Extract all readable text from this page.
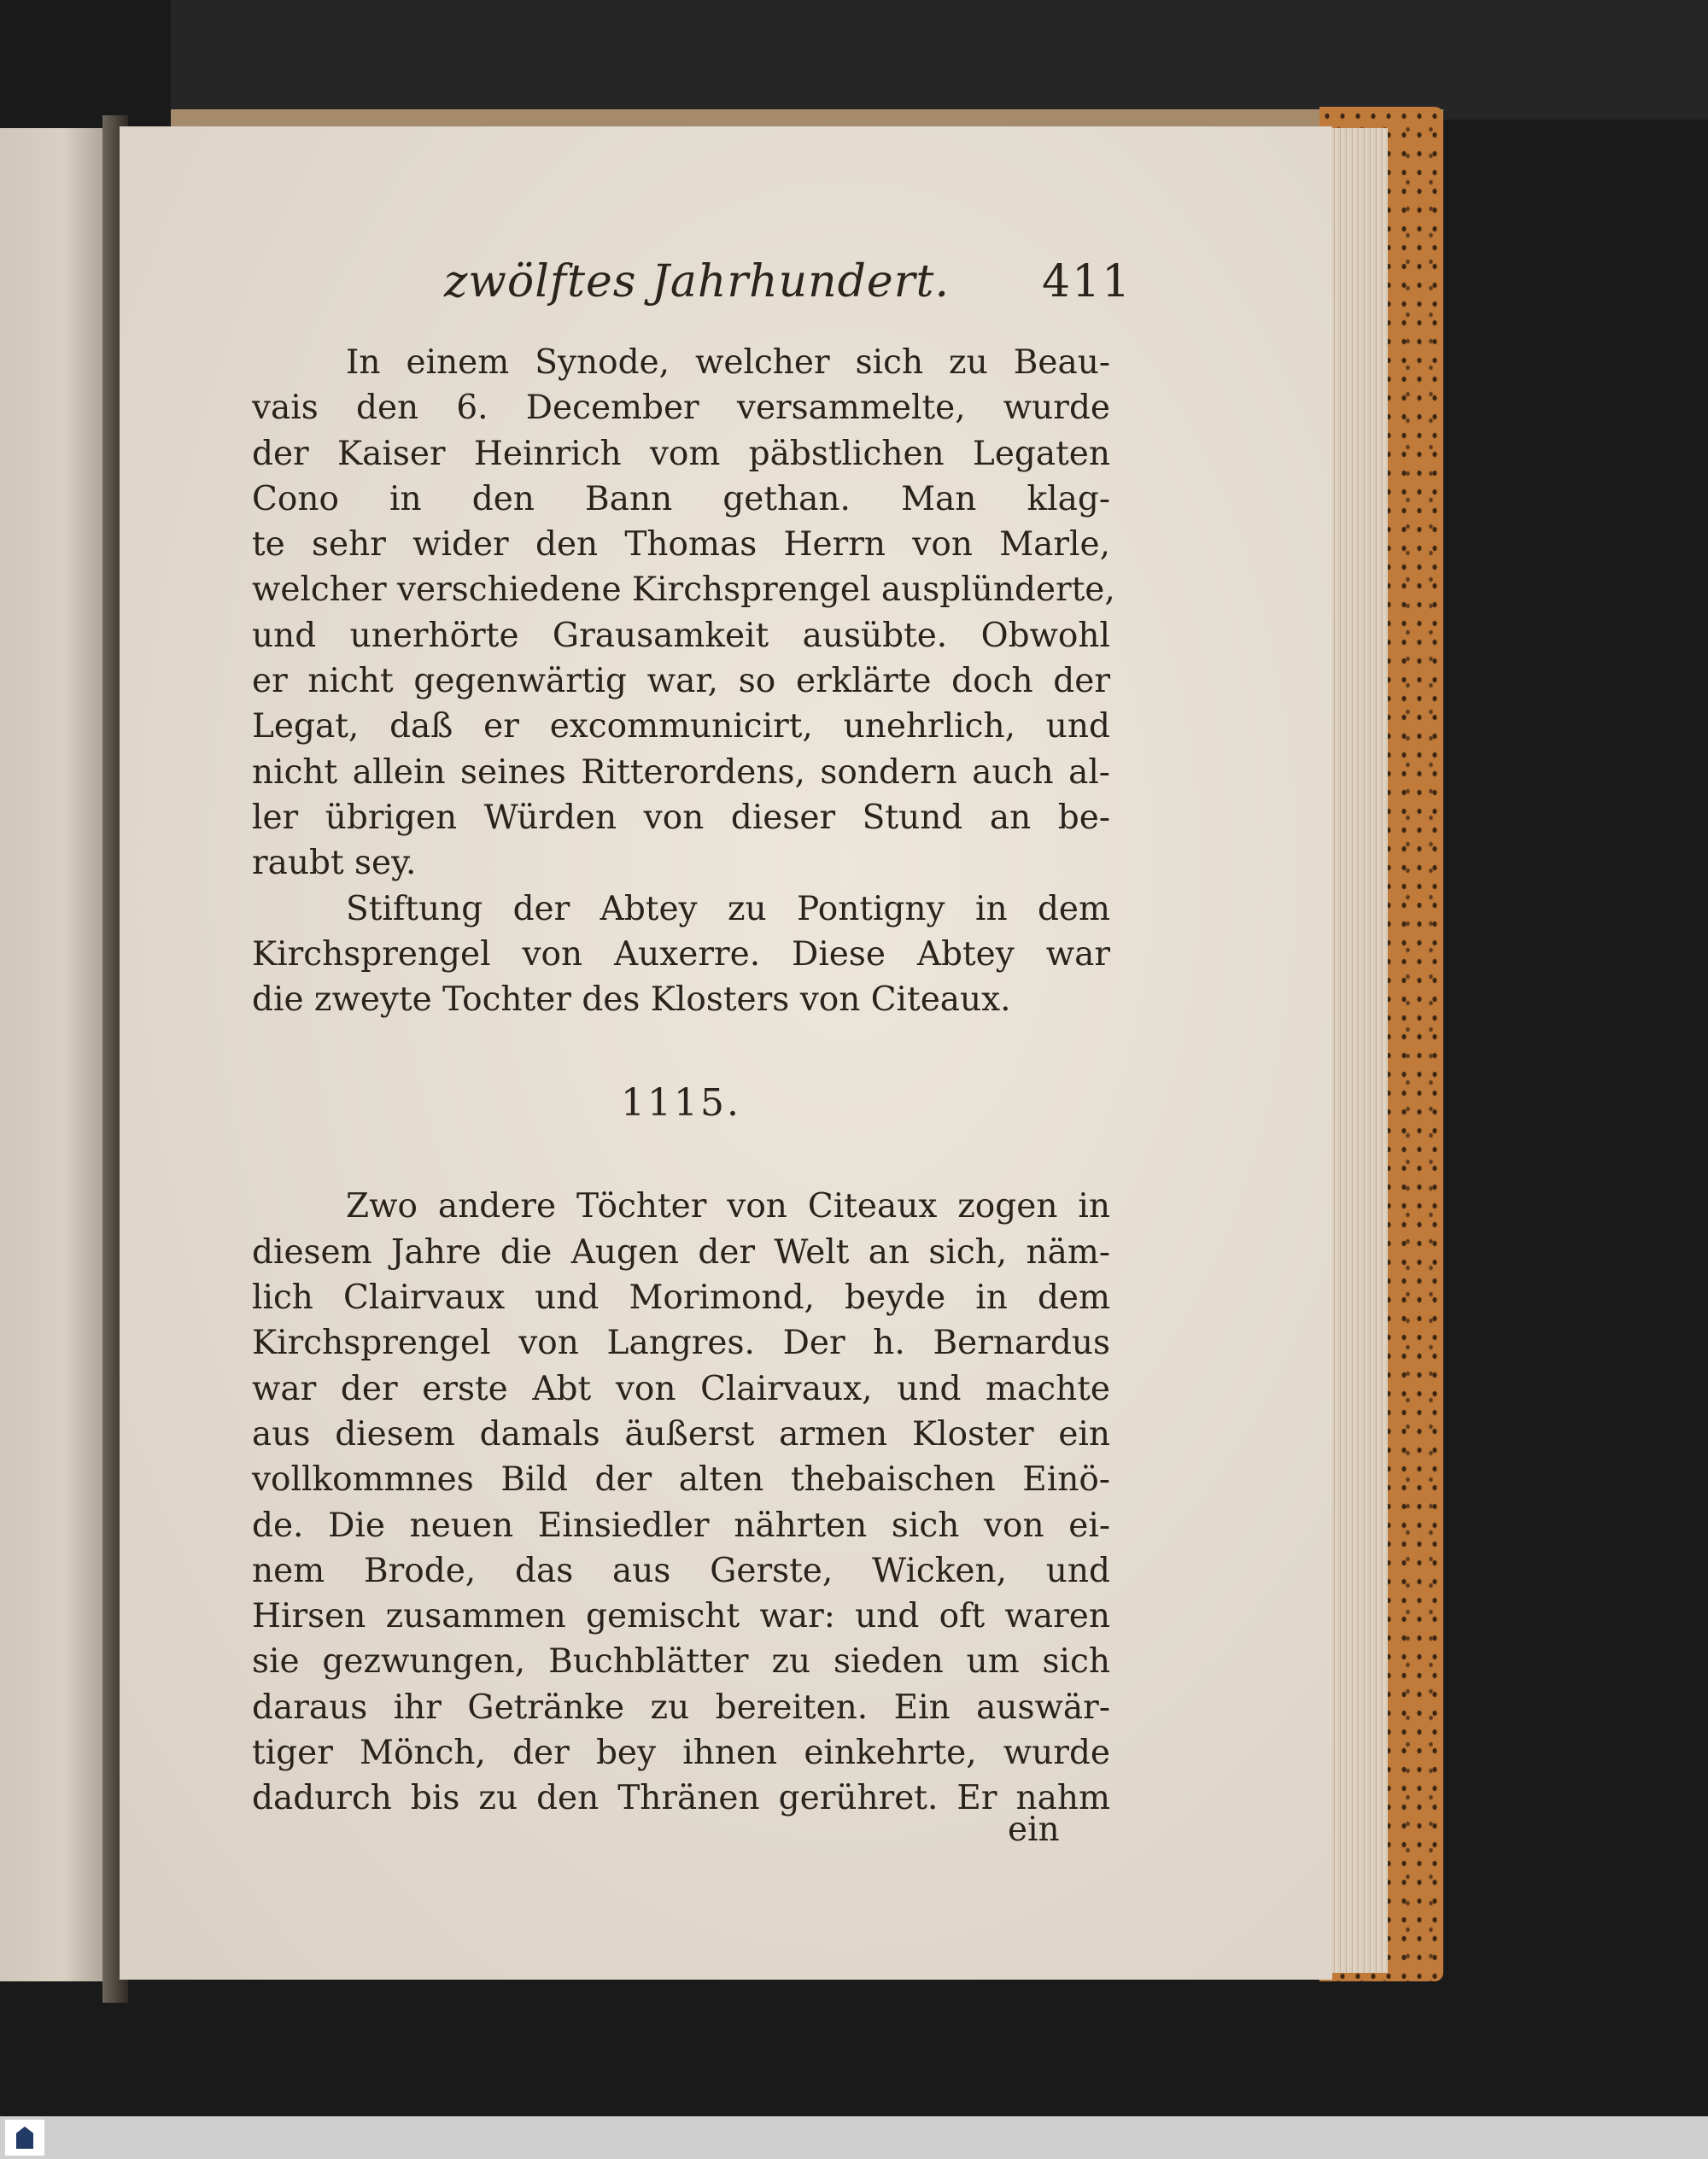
zwölftes Jahrhundert. 411
In einem Synode, welcher sich zu Beau-
vais den 6. December versammelte, wurde
der Kaiser Heinrich vom päbstlichen Legaten
Cono in den Bann gethan. Man klag-
te sehr wider den Thomas Herrn von Marle,
welcher verschiedene Kirchsprengel ausplünderte,
und unerhörte Grausamkeit ausübte. Obwohl
er nicht gegenwärtig war, so erklärte doch der
Legat, daß er excommunicirt, unehrlich, und
nicht allein seines Ritterordens, sondern auch al-
ler übrigen Würden von dieser Stund an be-
raubt sey.
Stiftung der Abtey zu Pontigny in dem
Kirchsprengel von Auxerre. Diese Abtey war
die zweyte Tochter des Klosters von Citeaux.
1115.
Zwo andere Töchter von Citeaux zogen in
diesem Jahre die Augen der Welt an sich, näm-
lich Clairvaux und Morimond, beyde in dem
Kirchsprengel von Langres. Der h. Bernardus
war der erste Abt von Clairvaux, und machte
aus diesem damals äußerst armen Kloster ein
vollkommnes Bild der alten thebaischen Einö-
de. Die neuen Einsiedler nährten sich von ei-
nem Brode, das aus Gerste, Wicken, und
Hirsen zusammen gemischt war: und oft waren
sie gezwungen, Buchblätter zu sieden um sich
daraus ihr Getränke zu bereiten. Ein auswär-
tiger Mönch, der bey ihnen einkehrte, wurde
dadurch bis zu den Thränen gerühret. Er nahm
ein
